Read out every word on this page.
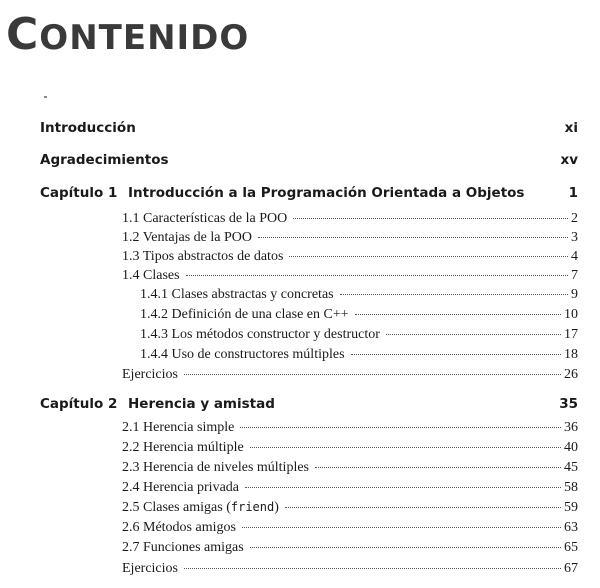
CONTENIDO
Introducción	xi
Agradecimientos	xv
Capítulo 1 Introducción a la Programación Orientada a Objetos	1
1.1 Características de la POO	2
1.2 Ventajas de la POO	3
1.3 Tipos abstractos de datos	4
1.4 Clases	7
1.4.1 Clases abstractas y concretas	9
1.4.2 Definición de una clase en C++	10
1.4.3 Los métodos constructor y destructor	17
1.4.4 Uso de constructores múltiples	18
Ejercicios	26
Capítulo 2 Herencia y amistad	35
2.1 Herencia simple	36
2.2 Herencia múltiple	40
2.3 Herencia de niveles múltiples	45
2.4 Herencia privada	58
2.5 Clases amigas (friend)	59
2.6 Métodos amigos	63
2.7 Funciones amigas	65
Ejercicios	67
